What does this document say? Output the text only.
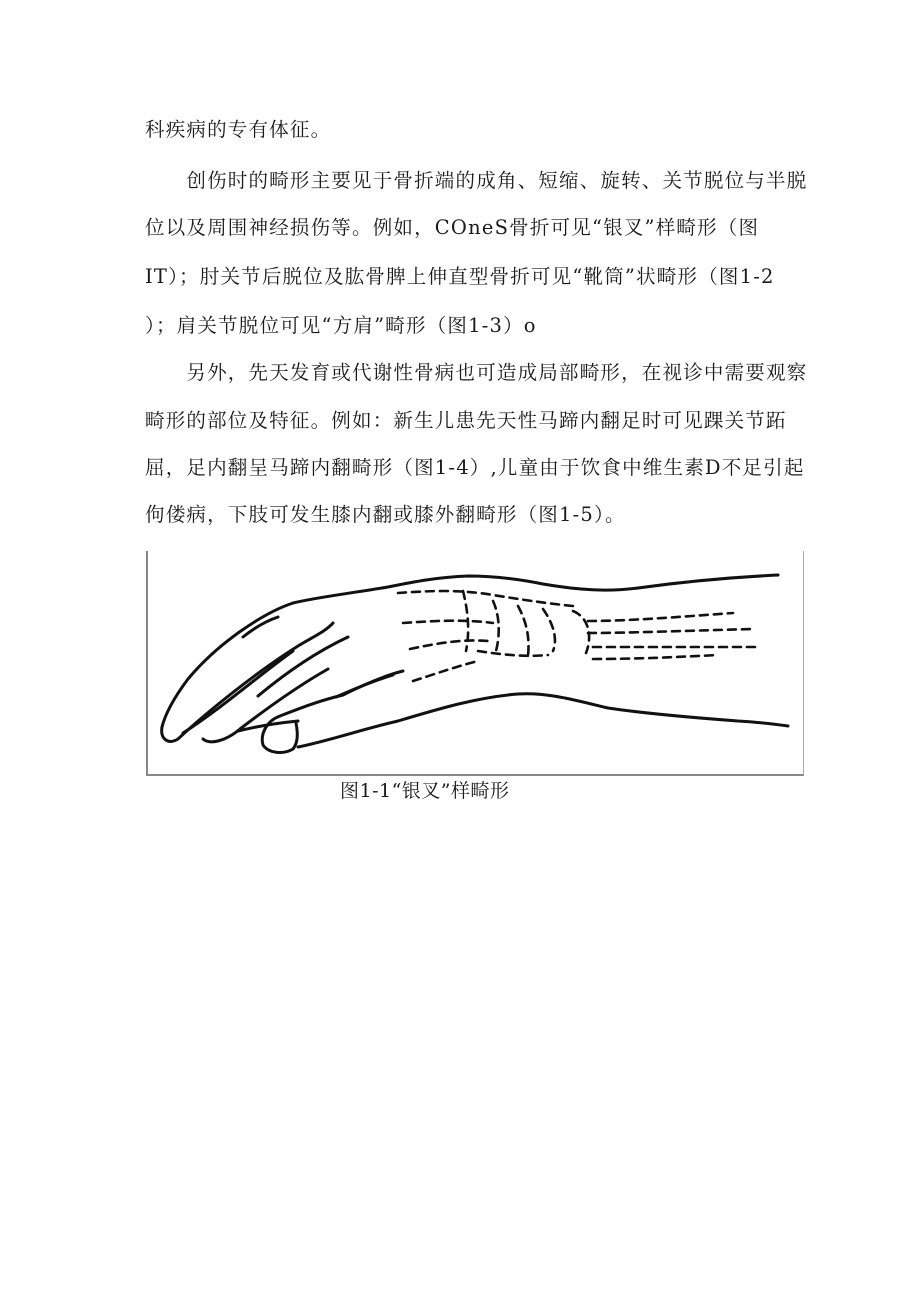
科疾病的专有体征。
　　创伤时的畸形主要见于骨折端的成角、短缩、旋转、关节脱位与半脱
位以及周围神经损伤等。例如，COneS骨折可见“银叉”样畸形（图
IT）；肘关节后脱位及肱骨脾上伸直型骨折可见“靴筒”状畸形（图1-2
）；肩关节脱位可见“方肩”畸形（图1-3）o
　　另外，先天发育或代谢性骨病也可造成局部畸形，在视诊中需要观察
畸形的部位及特征。例如：新生儿患先天性马蹄内翻足时可见踝关节跖
屈，足内翻呈马蹄内翻畸形（图1-4）,儿童由于饮食中维生素D不足引起
佝偻病，下肢可发生膝内翻或膝外翻畸形（图1-5）。
图1-1“银叉”样畸形
